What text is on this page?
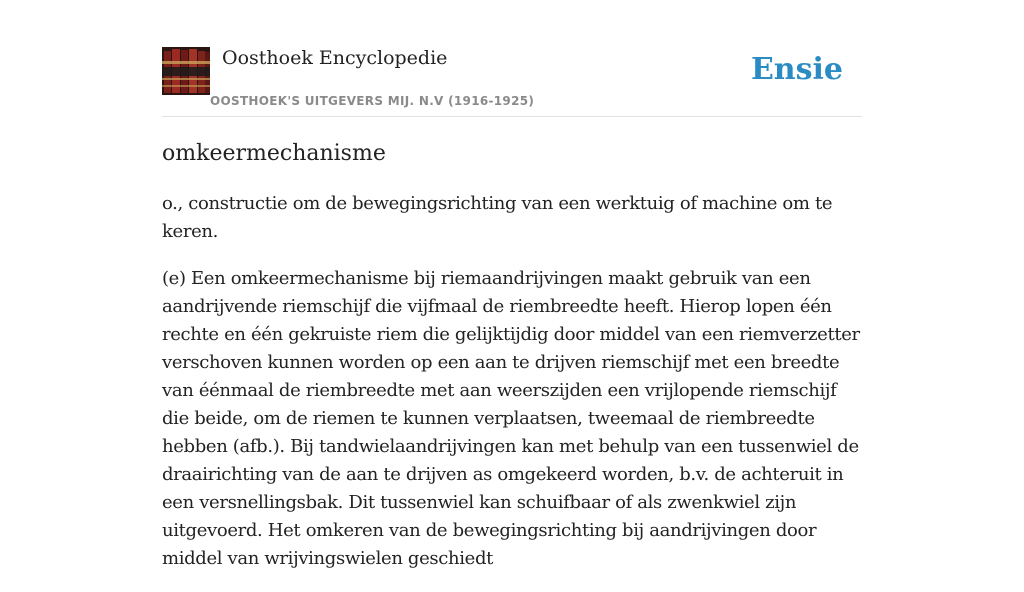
Oosthoek Encyclopedie
OOSTHOEK'S UITGEVERS MIJ. N.V (1916-1925)
Ensie
omkeermechanisme

o., constructie om de bewegingsrichting van een werktuig of machine om te keren.

(e) Een omkeermechanisme bij riemaandrijvingen maakt gebruik van een aandrijvende riemschijf die vijfmaal de riembreedte heeft. Hierop lopen één rechte en één gekruiste riem die gelijktijdig door middel van een riemverzetter verschoven kunnen worden op een aan te drijven riemschijf met een breedte van éénmaal de riembreedte met aan weerszijden een vrijlopende riemschijf die beide, om de riemen te kunnen verplaatsen, tweemaal de riembreedte hebben (afb.). Bij tandwielaandrijvingen kan met behulp van een tussenwiel de draairichting van de aan te drijven as omgekeerd worden, b.v. de achteruit in een versnellingsbak. Dit tussenwiel kan schuifbaar of als zwenkwiel zijn uitgevoerd. Het omkeren van de bewegingsrichting bij aandrijvingen door middel van wrijvingswielen geschiedt
